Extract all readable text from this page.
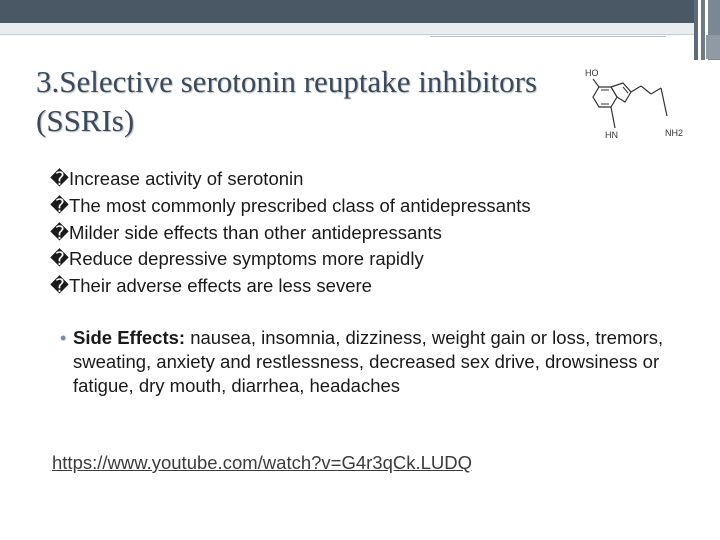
3.Selective serotonin reuptake inhibitors (SSRIs)
HO
HN	NH2
�Increase activity of serotonin
�The most commonly prescribed class of antidepressants
�Milder side effects than other antidepressants
�Reduce depressive symptoms more rapidly
�Their adverse effects are less severe

• Side Effects: nausea, insomnia, dizziness, weight gain or loss, tremors, sweating, anxiety and restlessness, decreased sex drive, drowsiness or fatigue, dry mouth, diarrhea, headaches

https://www.youtube.com/watch?v=G4r3qCk.LUDQ
